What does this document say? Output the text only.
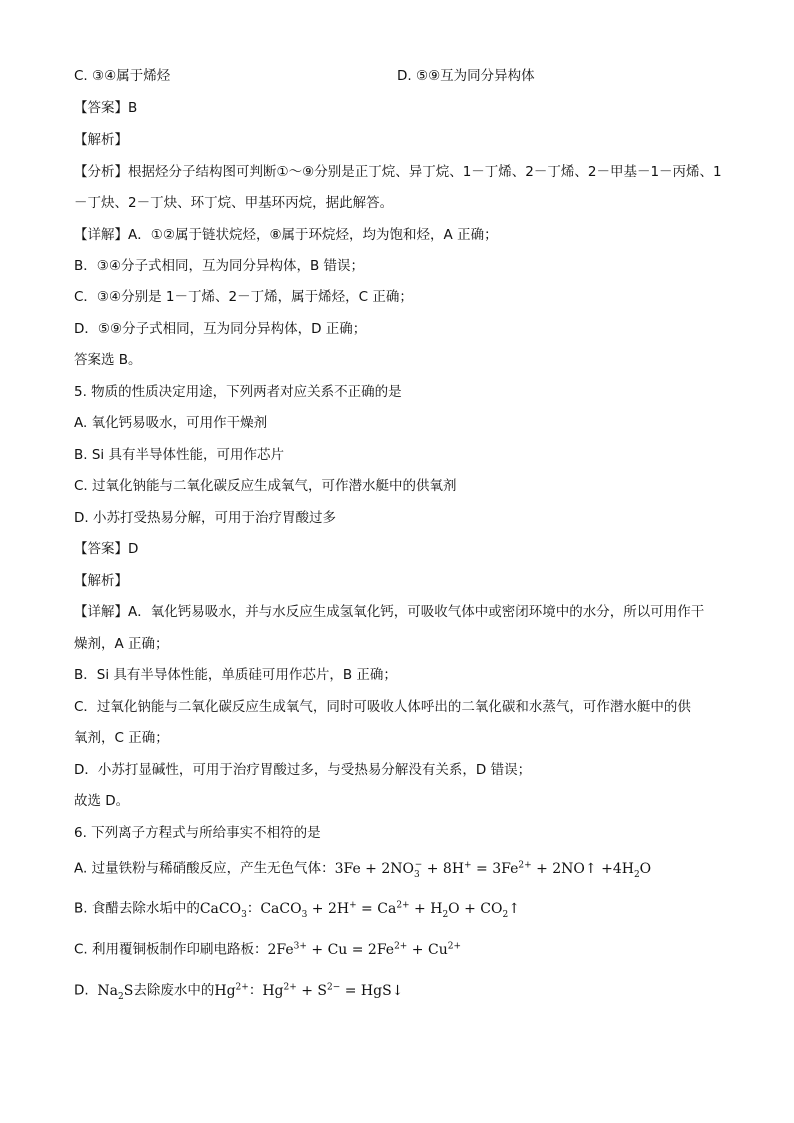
C. ③④属于烯烃	D. ⑤⑨互为同分异构体
【答案】B
【解析】
【分析】根据烃分子结构图可判断①～⑨分别是正丁烷、异丁烷、1－丁烯、2－丁烯、2－甲基－1－丙烯、1
－丁炔、2－丁炔、环丁烷、甲基环丙烷，据此解答。
【详解】A．①②属于链状烷烃，⑧属于环烷烃，均为饱和烃，A 正确；
B．③④分子式相同，互为同分异构体，B 错误；
C．③④分别是 1－丁烯、2－丁烯，属于烯烃，C 正确；
D．⑤⑨分子式相同，互为同分异构体，D 正确；
答案选 B。
5. 物质的性质决定用途，下列两者对应关系不正确的是
A. 氧化钙易吸水，可用作干燥剂
B. Si 具有半导体性能，可用作芯片
C. 过氧化钠能与二氧化碳反应生成氧气，可作潜水艇中的供氧剂
D. 小苏打受热易分解，可用于治疗胃酸过多
【答案】D
【解析】
【详解】A．氧化钙易吸水，并与水反应生成氢氧化钙，可吸收气体中或密闭环境中的水分，所以可用作干
燥剂，A 正确；
B．Si 具有半导体性能，单质硅可用作芯片，B 正确；
C．过氧化钠能与二氧化碳反应生成氧气，同时可吸收人体呼出的二氧化碳和水蒸气，可作潜水艇中的供
氧剂，C 正确；
D．小苏打显碱性，可用于治疗胃酸过多，与受热易分解没有关系，D 错误；
故选 D。
6. 下列离子方程式与所给事实不相符的是
A. 过量铁粉与稀硝酸反应，产生无色气体：$3Fe + 2NO_3^- + 8H^+ = 3Fe^{2+}$ + 2NO↑ $+4H_2O$
B. 食醋去除水垢中的CaCO$_3$：CaCO$_3$ + $2H^+ = Ca^{2+} + H_2O$ + $CO_2↑$
C. 利用覆铜板制作印刷电路板：$2Fe^{3+} + Cu = 2Fe^{2+} + Cu^{2+}$
D.  $Na_2S$去除废水中的$Hg^{2+}$：$Hg^{2+} + S^{2-}$ = HgS↓
